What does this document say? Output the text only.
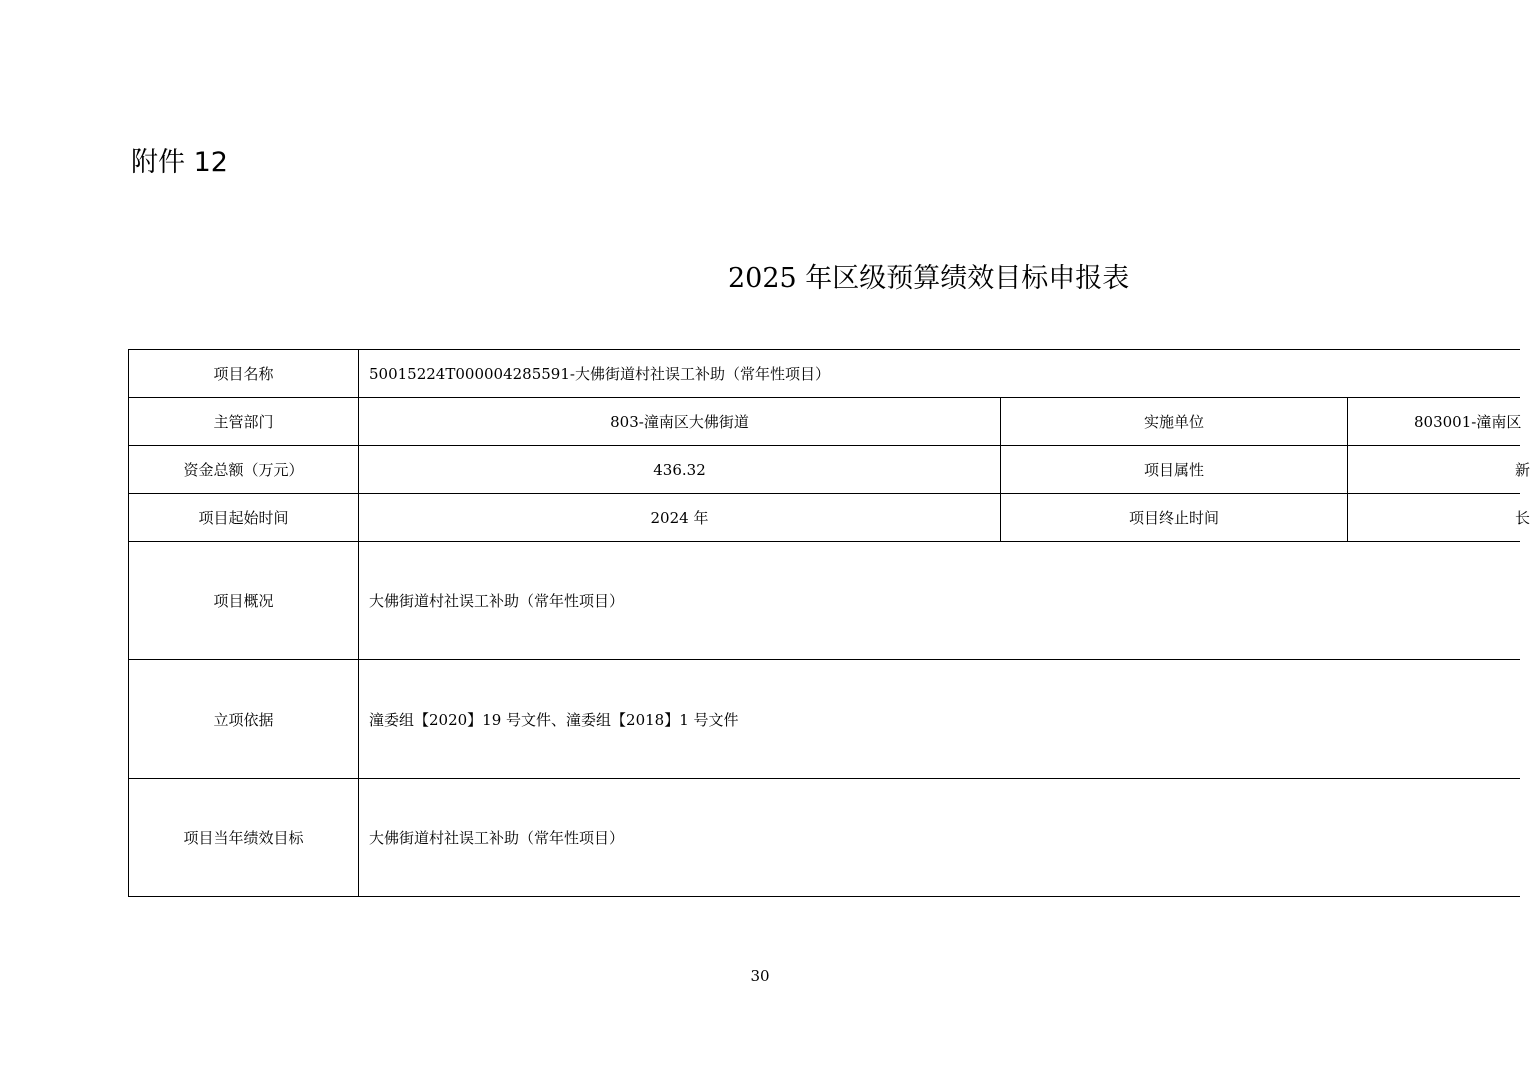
附件 12
2025 年区级预算绩效目标申报表
项目名称	50015224T000004285591-大佛街道村社误工补助（常年性项目）
主管部门	803-潼南区大佛街道	实施单位	803001-潼南区
资金总额（万元）	436.32	项目属性	新
项目起始时间	2024 年	项目终止时间	长
项目概况	大佛街道村社误工补助（常年性项目）
立项依据	潼委组【2020】19 号文件、潼委组【2018】1 号文件
项目当年绩效目标	大佛街道村社误工补助（常年性项目）
30
